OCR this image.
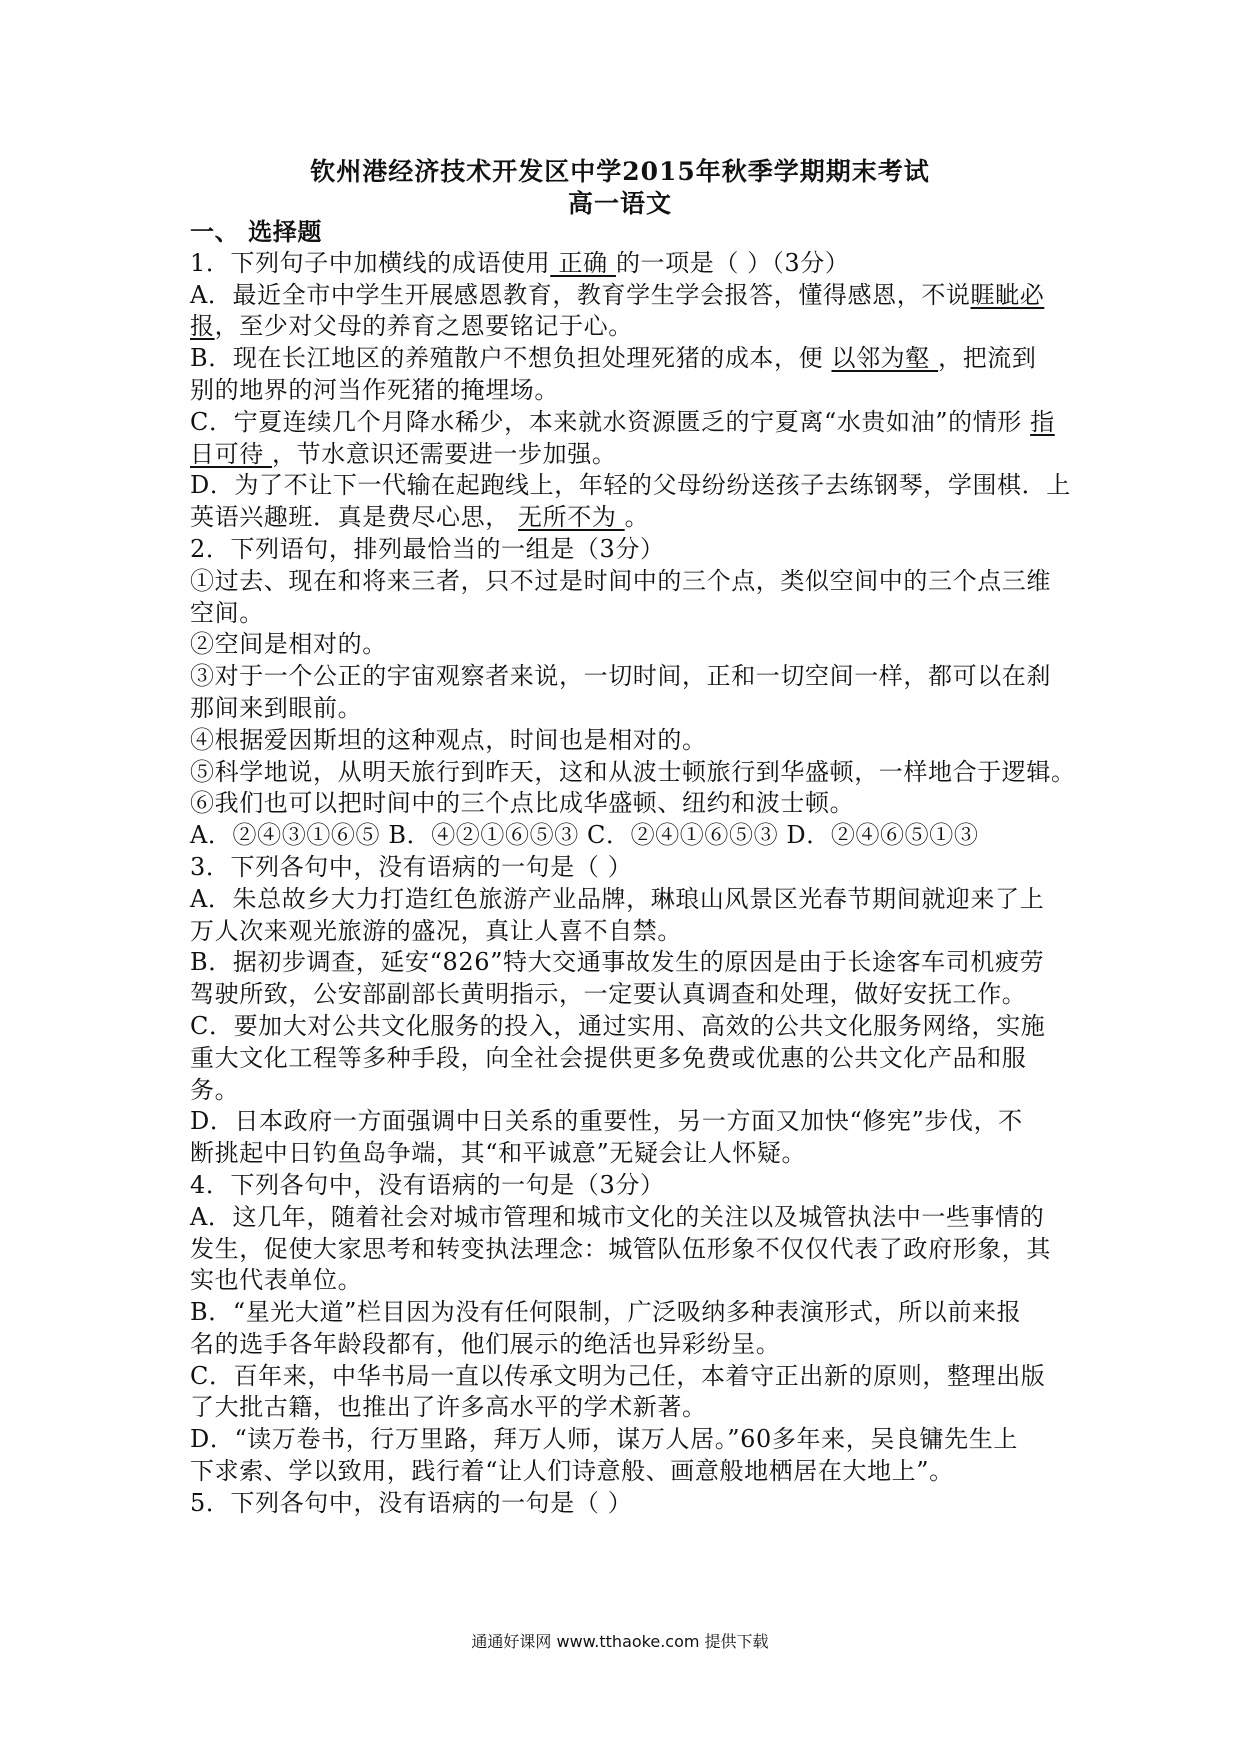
钦州港经济技术开发区中学2015年秋季学期期末考试
高一语文
一、 选择题
1．下列句子中加横线的成语使用 正确 的一项是（ ）（3分）
A．最近全市中学生开展感恩教育，教育学生学会报答，懂得感恩，不说睚眦必
报，至少对父母的养育之恩要铭记于心。
B．现在长江地区的养殖散户不想负担处理死猪的成本，便 以邻为壑 ，把流到
别的地界的河当作死猪的掩埋场。
C．宁夏连续几个月降水稀少，本来就水资源匮乏的宁夏离“水贵如油”的情形 指
日可待 ，节水意识还需要进一步加强。
D．为了不让下一代输在起跑线上，年轻的父母纷纷送孩子去练钢琴，学围棋．上
英语兴趣班．真是费尽心思， 无所不为 。
2．下列语句，排列最恰当的一组是（3分）
①过去、现在和将来三者，只不过是时间中的三个点，类似空间中的三个点三维
空间。
②空间是相对的。
③对于一个公正的宇宙观察者来说，一切时间，正和一切空间一样，都可以在刹
那间来到眼前。
④根据爱因斯坦的这种观点，时间也是相对的。
⑤科学地说，从明天旅行到昨天，这和从波士顿旅行到华盛顿，一样地合于逻辑。
⑥我们也可以把时间中的三个点比成华盛顿、纽约和波士顿。
A．②④③①⑥⑤ B．④②①⑥⑤③ C．②④①⑥⑤③ D．②④⑥⑤①③
3．下列各句中，没有语病的一句是（ ）
A．朱总故乡大力打造红色旅游产业品牌，琳琅山风景区光春节期间就迎来了上
万人次来观光旅游的盛况，真让人喜不自禁。
B．据初步调查，延安“826”特大交通事故发生的原因是由于长途客车司机疲劳
驾驶所致，公安部副部长黄明指示，一定要认真调查和处理，做好安抚工作。
C．要加大对公共文化服务的投入，通过实用、高效的公共文化服务网络，实施
重大文化工程等多种手段，向全社会提供更多免费或优惠的公共文化产品和服
务。
D．日本政府一方面强调中日关系的重要性，另一方面又加快“修宪”步伐，不
断挑起中日钓鱼岛争端，其“和平诚意”无疑会让人怀疑。
4．下列各句中，没有语病的一句是（3分）
A．这几年，随着社会对城市管理和城市文化的关注以及城管执法中一些事情的
发生，促使大家思考和转变执法理念：城管队伍形象不仅仅代表了政府形象，其
实也代表单位。
B．“星光大道”栏目因为没有任何限制，广泛吸纳多种表演形式，所以前来报
名的选手各年龄段都有，他们展示的绝活也异彩纷呈。
C．百年来，中华书局一直以传承文明为己任，本着守正出新的原则，整理出版
了大批古籍，也推出了许多高水平的学术新著。
D．“读万卷书，行万里路，拜万人师，谋万人居。”60多年来，吴良镛先生上
下求索、学以致用，践行着“让人们诗意般、画意般地栖居在大地上”。
5．下列各句中，没有语病的一句是（ ）
通通好课网 www.tthaoke.com 提供下载
